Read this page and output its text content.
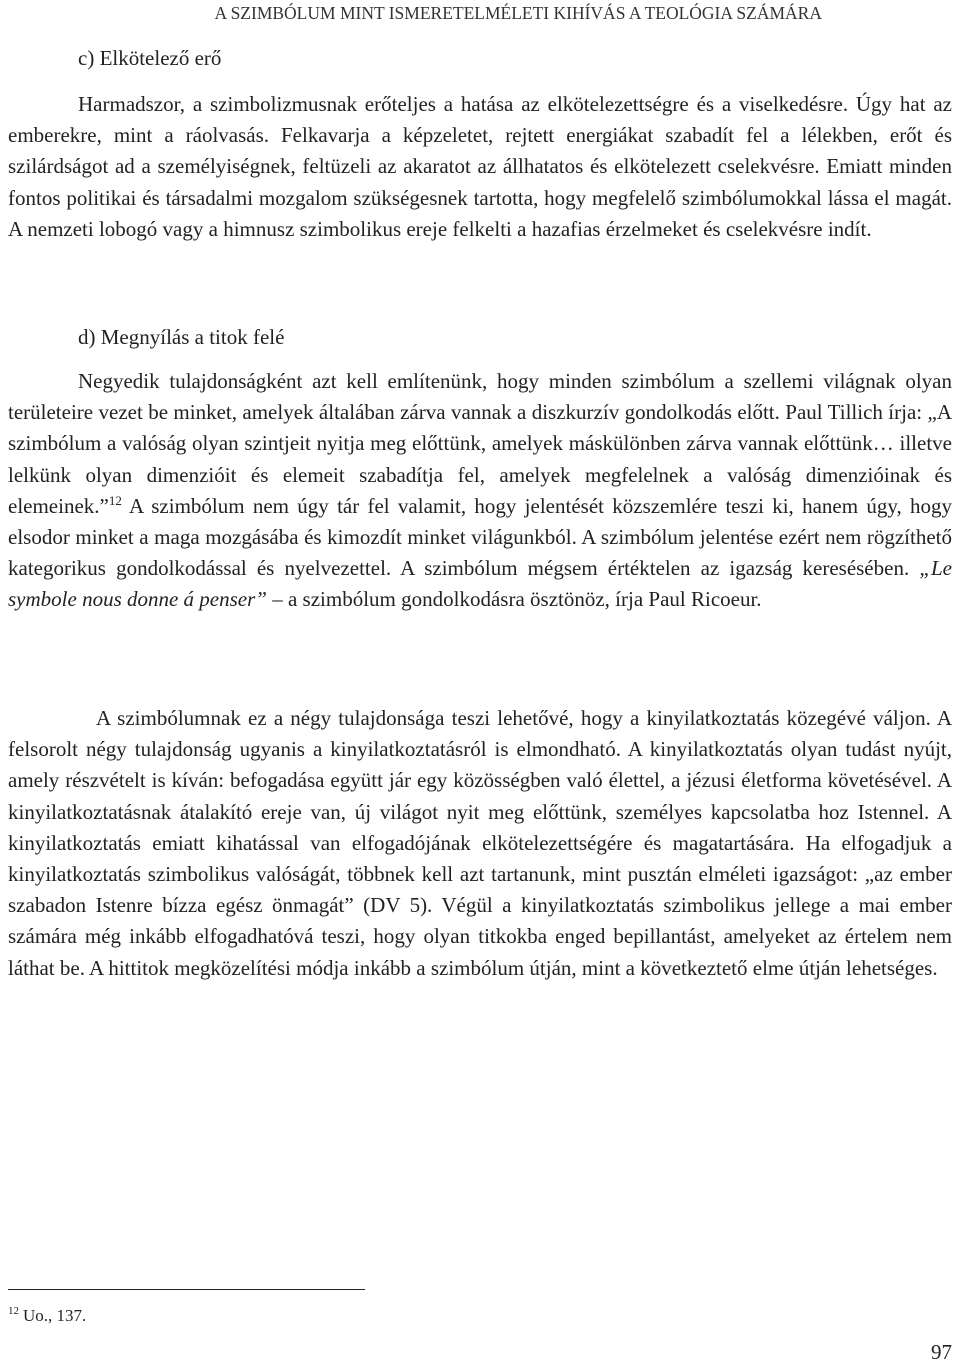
A SZIMBÓLUM MINT ISMERETELMÉLETI KIHÍVÁS A TEOLÓGIA SZÁMÁRA
c) Elkötelező erő

Harmadszor, a szimbolizmusnak erőteljes a hatása az elkötelezettségre és a viselkedésre. Úgy hat az emberekre, mint a ráolvasás. Felkavarja a képzeletet, rejtett energiákat szabadít fel a lélekben, erőt és szilárdságot ad a személyiségnek, feltüzeli az akaratot az állhatatos és elkötelezett cselekvésre. Emiatt minden fontos politikai és társadalmi mozgalom szükségesnek tartotta, hogy megfelelő szimbólumokkal lássa el magát. A nemzeti lobogó vagy a himnusz szimbolikus ereje felkelti a hazafias érzelmeket és cselekvésre indít.

d) Megnyílás a titok felé

Negyedik tulajdonságként azt kell említenünk, hogy minden szimbólum a szellemi világnak olyan területeire vezet be minket, amelyek általában zárva vannak a diszkurzív gondolkodás előtt. Paul Tillich írja: „A szimbólum a valóság olyan szintjeit nyitja meg előttünk, amelyek máskülönben zárva vannak előttünk… illetve lelkünk olyan dimenzióit és elemeit szabadítja fel, amelyek megfelelnek a valóság dimenzióinak és elemeinek.”$^{12}$ A szimbólum nem úgy tár fel valamit, hogy jelentését közszemlére teszi ki, hanem úgy, hogy elsodor minket a maga mozgásába és kimozdít minket világunkból. A szimbólum jelentése ezért nem rögzíthető kategorikus gondolkodással és nyelvezettel. A szimbólum mégsem értéktelen az igazság keresésében. „Le symbole nous donne á penser” – a szimbólum gondolkodásra ösztönöz, írja Paul Ricoeur.

A szimbólumnak ez a négy tulajdonsága teszi lehetővé, hogy a kinyilatkoztatás közegévé váljon. A felsorolt négy tulajdonság ugyanis a kinyilatkoztatásról is elmondható. A kinyilatkoztatás olyan tudást nyújt, amely részvételt is kíván: befogadása együtt jár egy közösségben való élettel, a jézusi életforma követésével. A kinyilatkoztatásnak átalakító ereje van, új világot nyit meg előttünk, személyes kapcsolatba hoz Istennel. A kinyilatkoztatás emiatt kihatással van elfogadójának elkötelezettségére és magatartására. Ha elfogadjuk a kinyilatkoztatás szimbolikus valóságát, többnek kell azt tartanunk, mint pusztán elméleti igazságot: „az ember szabadon Istenre bízza egész önmagát” (DV 5). Végül a kinyilatkoztatás szimbolikus jellege a mai ember számára még inkább elfogadhatóvá teszi, hogy olyan titkokba enged bepillantást, amelyeket az értelem nem láthat be. A hittitok megközelítési módja inkább a szimbólum útján, mint a következtető elme útján lehetséges.

$^{12}$ Uo., 137.
97
